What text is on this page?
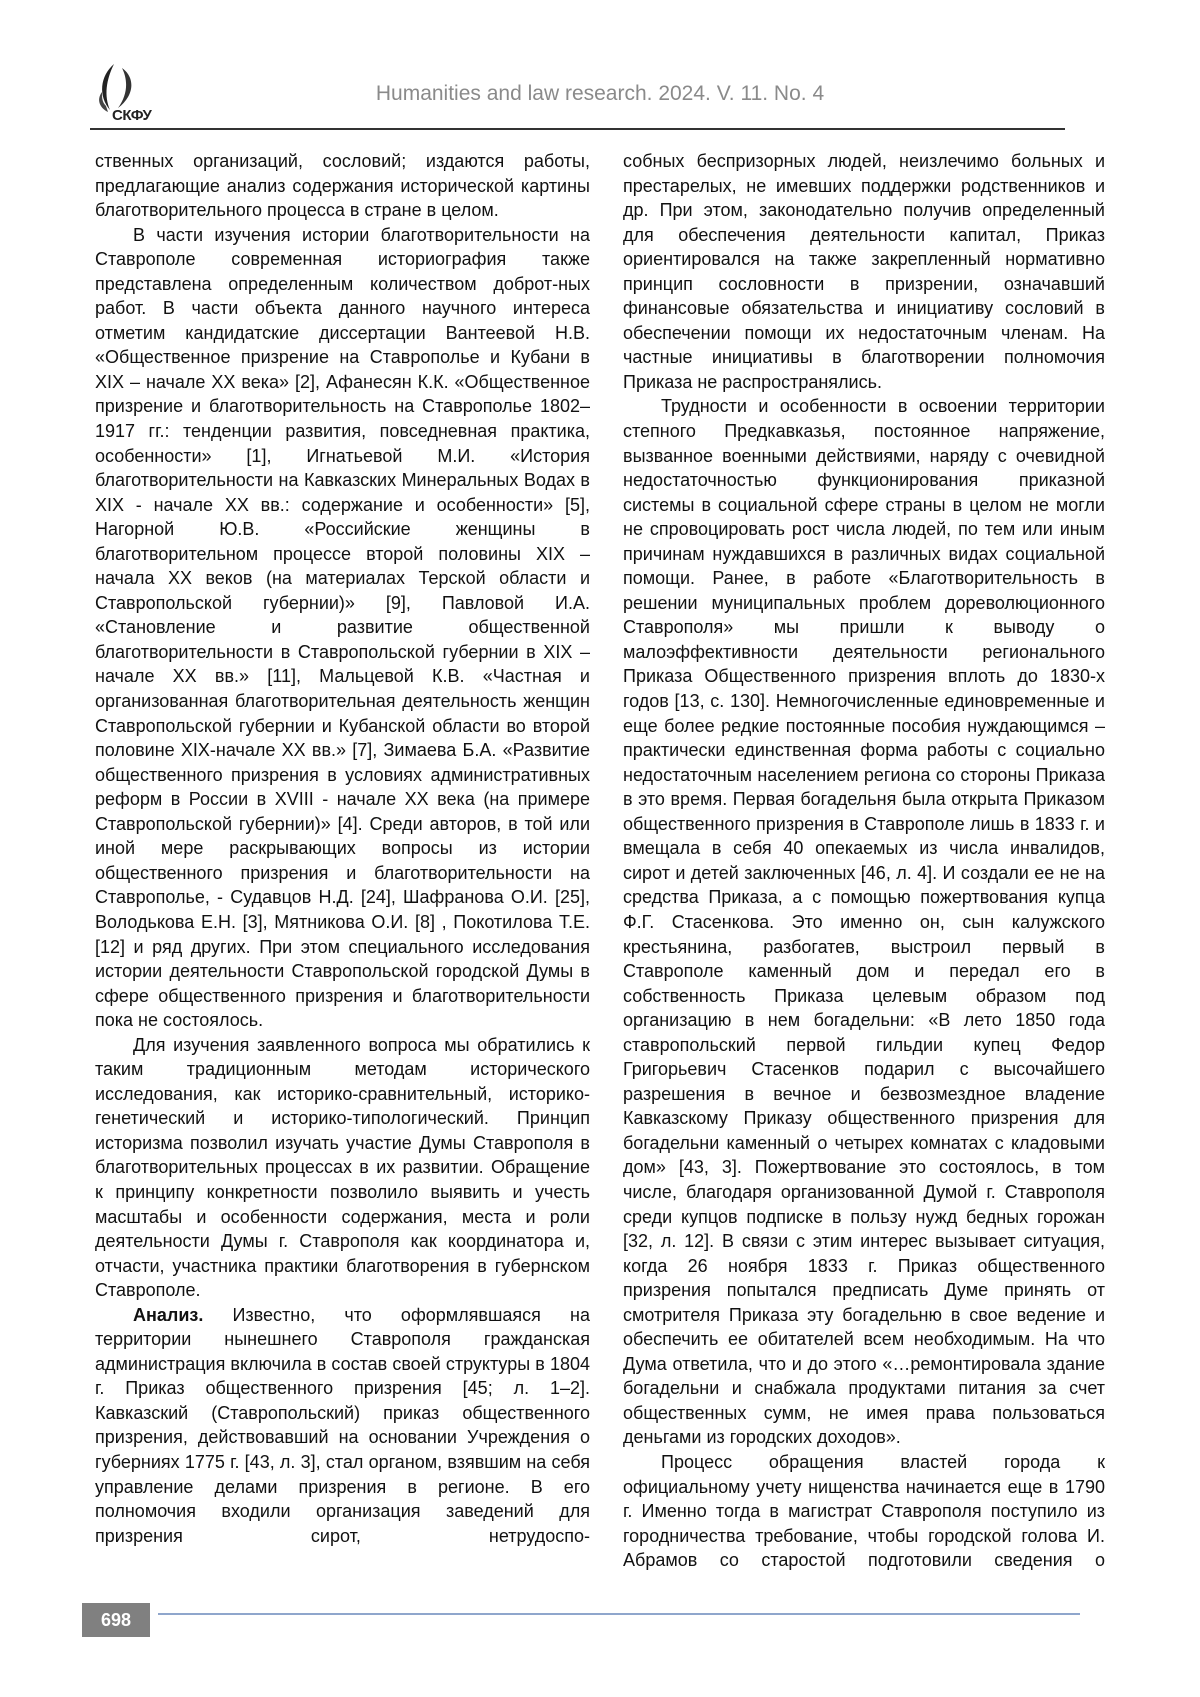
СКФУ
Humanities and law research. 2024. V. 11. No. 4

ственных организаций, сословий; издаются работы, предлагающие анализ содержания исторической картины благотворительного процесса в стране в целом.

В части изучения истории благотворительности на Ставрополе современная историография также представлена определенным количеством доброт-ных работ. В части объекта данного научного интереса отметим кандидатские диссертации Вантеевой Н.В. «Общественное призрение на Ставрополье и Кубани в XIX – начале XX века» [2], Афанесян К.К. «Общественное призрение и благотворительность на Ставрополье 1802–1917 гг.: тенденции развития, повседневная практика, особенности» [1], Игнатьевой М.И. «История благотворительности на Кавказских Минеральных Водах в XIX - начале XX вв.: содержание и особенности» [5], Нагорной Ю.В. «Российские женщины в благотворительном процессе второй половины XIX – начала XX веков (на материалах Терской области и Ставропольской губернии)» [9], Павловой И.А. «Становление и развитие общественной благотворительности в Ставропольской губернии в XIX – начале XX вв.» [11], Мальцевой К.В. «Частная и организованная благотворительная деятельность женщин Ставропольской губернии и Кубанской области во второй половине XIX-начале XX вв.» [7], Зимаева Б.А. «Развитие общественного призрения в условиях административных реформ в России в XVIII - начале XX века (на примере Ставропольской губернии)» [4]. Среди авторов, в той или иной мере раскрывающих вопросы из истории общественного призрения и благотворительности на Ставрополье, - Судавцов Н.Д. [24], Шафранова О.И. [25], Володькова Е.Н. [3], Мятникова О.И. [8] , Покотилова Т.Е. [12] и ряд других. При этом специального исследования истории деятельности Ставропольской городской Думы в сфере общественного призрения и благотворительности пока не состоялось.

Для изучения заявленного вопроса мы обратились к таким традиционным методам исторического исследования, как историко-сравнительный, историко-генетический и историко-типологический. Принцип историзма позволил изучать участие Думы Ставрополя в благотворительных процессах в их развитии. Обращение к принципу конкретности позволило выявить и учесть масштабы и особенности содержания, места и роли деятельности Думы г. Ставрополя как координатора и, отчасти, участника практики благотворения в губернском Ставрополе.

Анализ. Известно, что оформлявшаяся на территории нынешнего Ставрополя гражданская администрация включила в состав своей структуры в 1804 г. Приказ общественного призрения [45; л. 1–2]. Кавказский (Ставропольский) приказ общественного призрения, действовавший на основании Учреждения о губерниях 1775 г. [43, л. 3], стал органом, взявшим на себя управление делами призрения в регионе. В его полномочия входили организация заведений для призрения сирот, нетрудоспо-

собных беспризорных людей, неизлечимо больных и престарелых, не имевших поддержки родственников и др. При этом, законодательно получив определенный для обеспечения деятельности капитал, Приказ ориентировался на также закрепленный нормативно принцип сословности в призрении, означавший финансовые обязательства и инициативу сословий в обеспечении помощи их недостаточным членам. На частные инициативы в благотворении полномочия Приказа не распространялись.

Трудности и особенности в освоении территории степного Предкавказья, постоянное напряжение, вызванное военными действиями, наряду с очевидной недостаточностью функционирования приказной системы в социальной сфере страны в целом не могли не спровоцировать рост числа людей, по тем или иным причинам нуждавшихся в различных видах социальной помощи. Ранее, в работе «Благотворительность в решении муниципальных проблем дореволюционного Ставрополя» мы пришли к выводу о малоэффективности деятельности регионального Приказа Общественного призрения вплоть до 1830-х годов [13, с. 130]. Немногочисленные единовременные и еще более редкие постоянные пособия нуждающимся – практически единственная форма работы с социально недостаточным населением региона со стороны Приказа в это время. Первая богадельня была открыта Приказом общественного призрения в Ставрополе лишь в 1833 г. и вмещала в себя 40 опекаемых из числа инвалидов, сирот и детей заключенных [46, л. 4]. И создали ее не на средства Приказа, а с помощью пожертвования купца Ф.Г. Стасенкова. Это именно он, сын калужского крестьянина, разбогатев, выстроил первый в Ставрополе каменный дом и передал его в собственность Приказа целевым образом под организацию в нем богадельни: «В лето 1850 года ставропольский первой гильдии купец Федор Григорьевич Стасенков подарил с высочайшего разрешения в вечное и безвозмездное владение Кавказскому Приказу общественного призрения для богадельни каменный о четырех комнатах с кладовыми дом» [43, 3]. Пожертвование это состоялось, в том числе, благодаря организованной Думой г. Ставрополя среди купцов подписке в пользу нужд бедных горожан [32, л. 12]. В связи с этим интерес вызывает ситуация, когда 26 ноября 1833 г. Приказ общественного призрения попытался предписать Думе принять от смотрителя Приказа эту богадельню в свое ведение и обеспечить ее обитателей всем необходимым. На что Дума ответила, что и до этого «…ремонтировала здание богадельни и снабжала продуктами питания за счет общественных сумм, не имея права пользоваться деньгами из городских доходов».

Процесс обращения властей города к официальному учету нищенства начинается еще в 1790 г. Именно тогда в магистрат Ставрополя поступило из городничества требование, чтобы городской голова И. Абрамов со старостой подготовили сведения о

698
